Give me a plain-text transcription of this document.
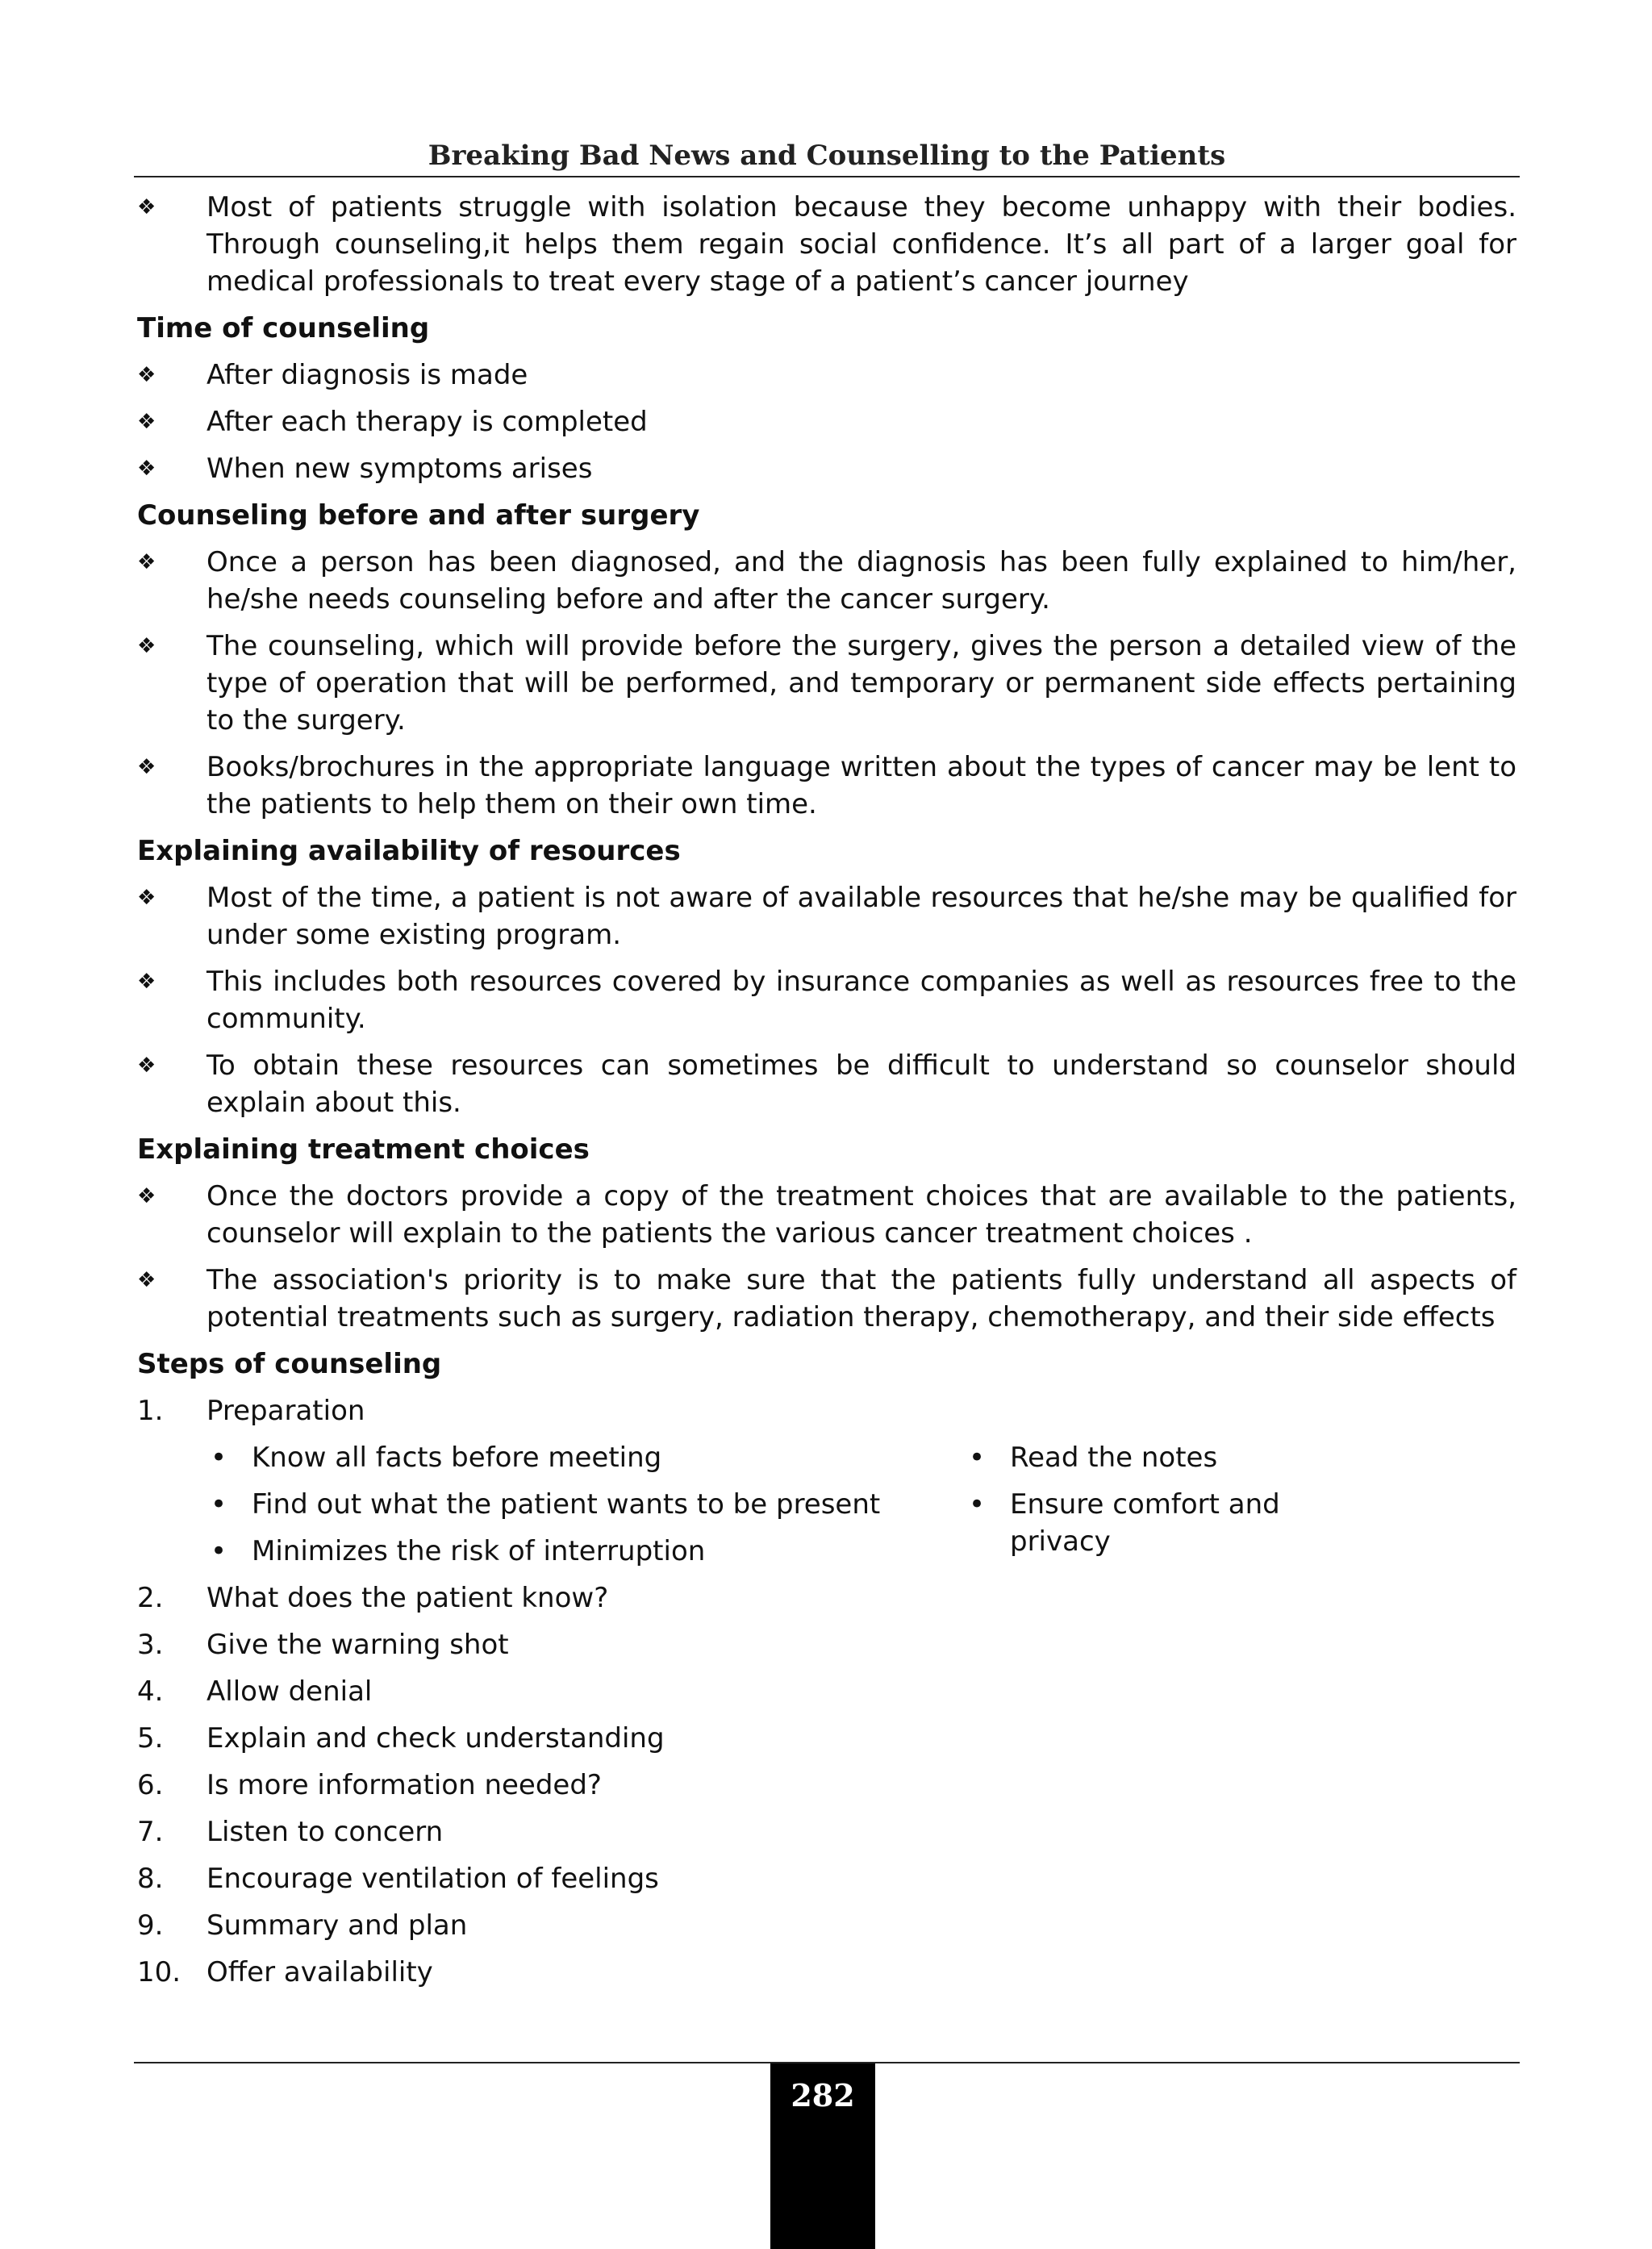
Breaking Bad News and Counselling to the Patients
❖	Most of patients struggle with isolation because they become unhappy with their bodies. Through counseling,it helps them regain social confidence. It’s all part of a larger goal for medical professionals to treat every stage of a patient’s cancer journey
Time of counseling
❖	After diagnosis is made
❖	After each therapy is completed
❖	When new symptoms arises
Counseling before and after surgery
❖	Once a person has been diagnosed, and the diagnosis has been fully explained to him/her, he/she needs counseling before and after the cancer surgery.
❖	The counseling, which will provide before the surgery, gives the person a detailed view of the type of operation that will be performed, and temporary or permanent side effects pertaining to the surgery.
❖	Books/brochures in the appropriate language written about the types of cancer may be lent to the patients to help them on their own time.
Explaining availability of resources
❖	Most of the time, a patient is not aware of available resources that he/she may be qualified for under some existing program.
❖	This includes both resources covered by insurance companies as well as resources free to the community.
❖	To obtain these resources can sometimes be difficult to understand so counselor should explain about this.
Explaining treatment choices
❖	Once the doctors provide a copy of the treatment choices that are available to the patients, counselor will explain to the patients the various cancer treatment choices .
❖	The association's priority is to make sure that the patients fully understand all aspects of potential treatments such as surgery, radiation therapy, chemotherapy, and their side effects
Steps of counseling
1. Preparation
• Know all facts before meeting	• Read the notes
• Find out what the patient wants to be present	• Ensure comfort and privacy
• Minimizes the risk of interruption
2. What does the patient know?
3. Give the warning shot
4. Allow denial
5. Explain and check understanding
6. Is more information needed?
7. Listen to concern
8. Encourage ventilation of feelings
9. Summary and plan
10. Offer availability
282
